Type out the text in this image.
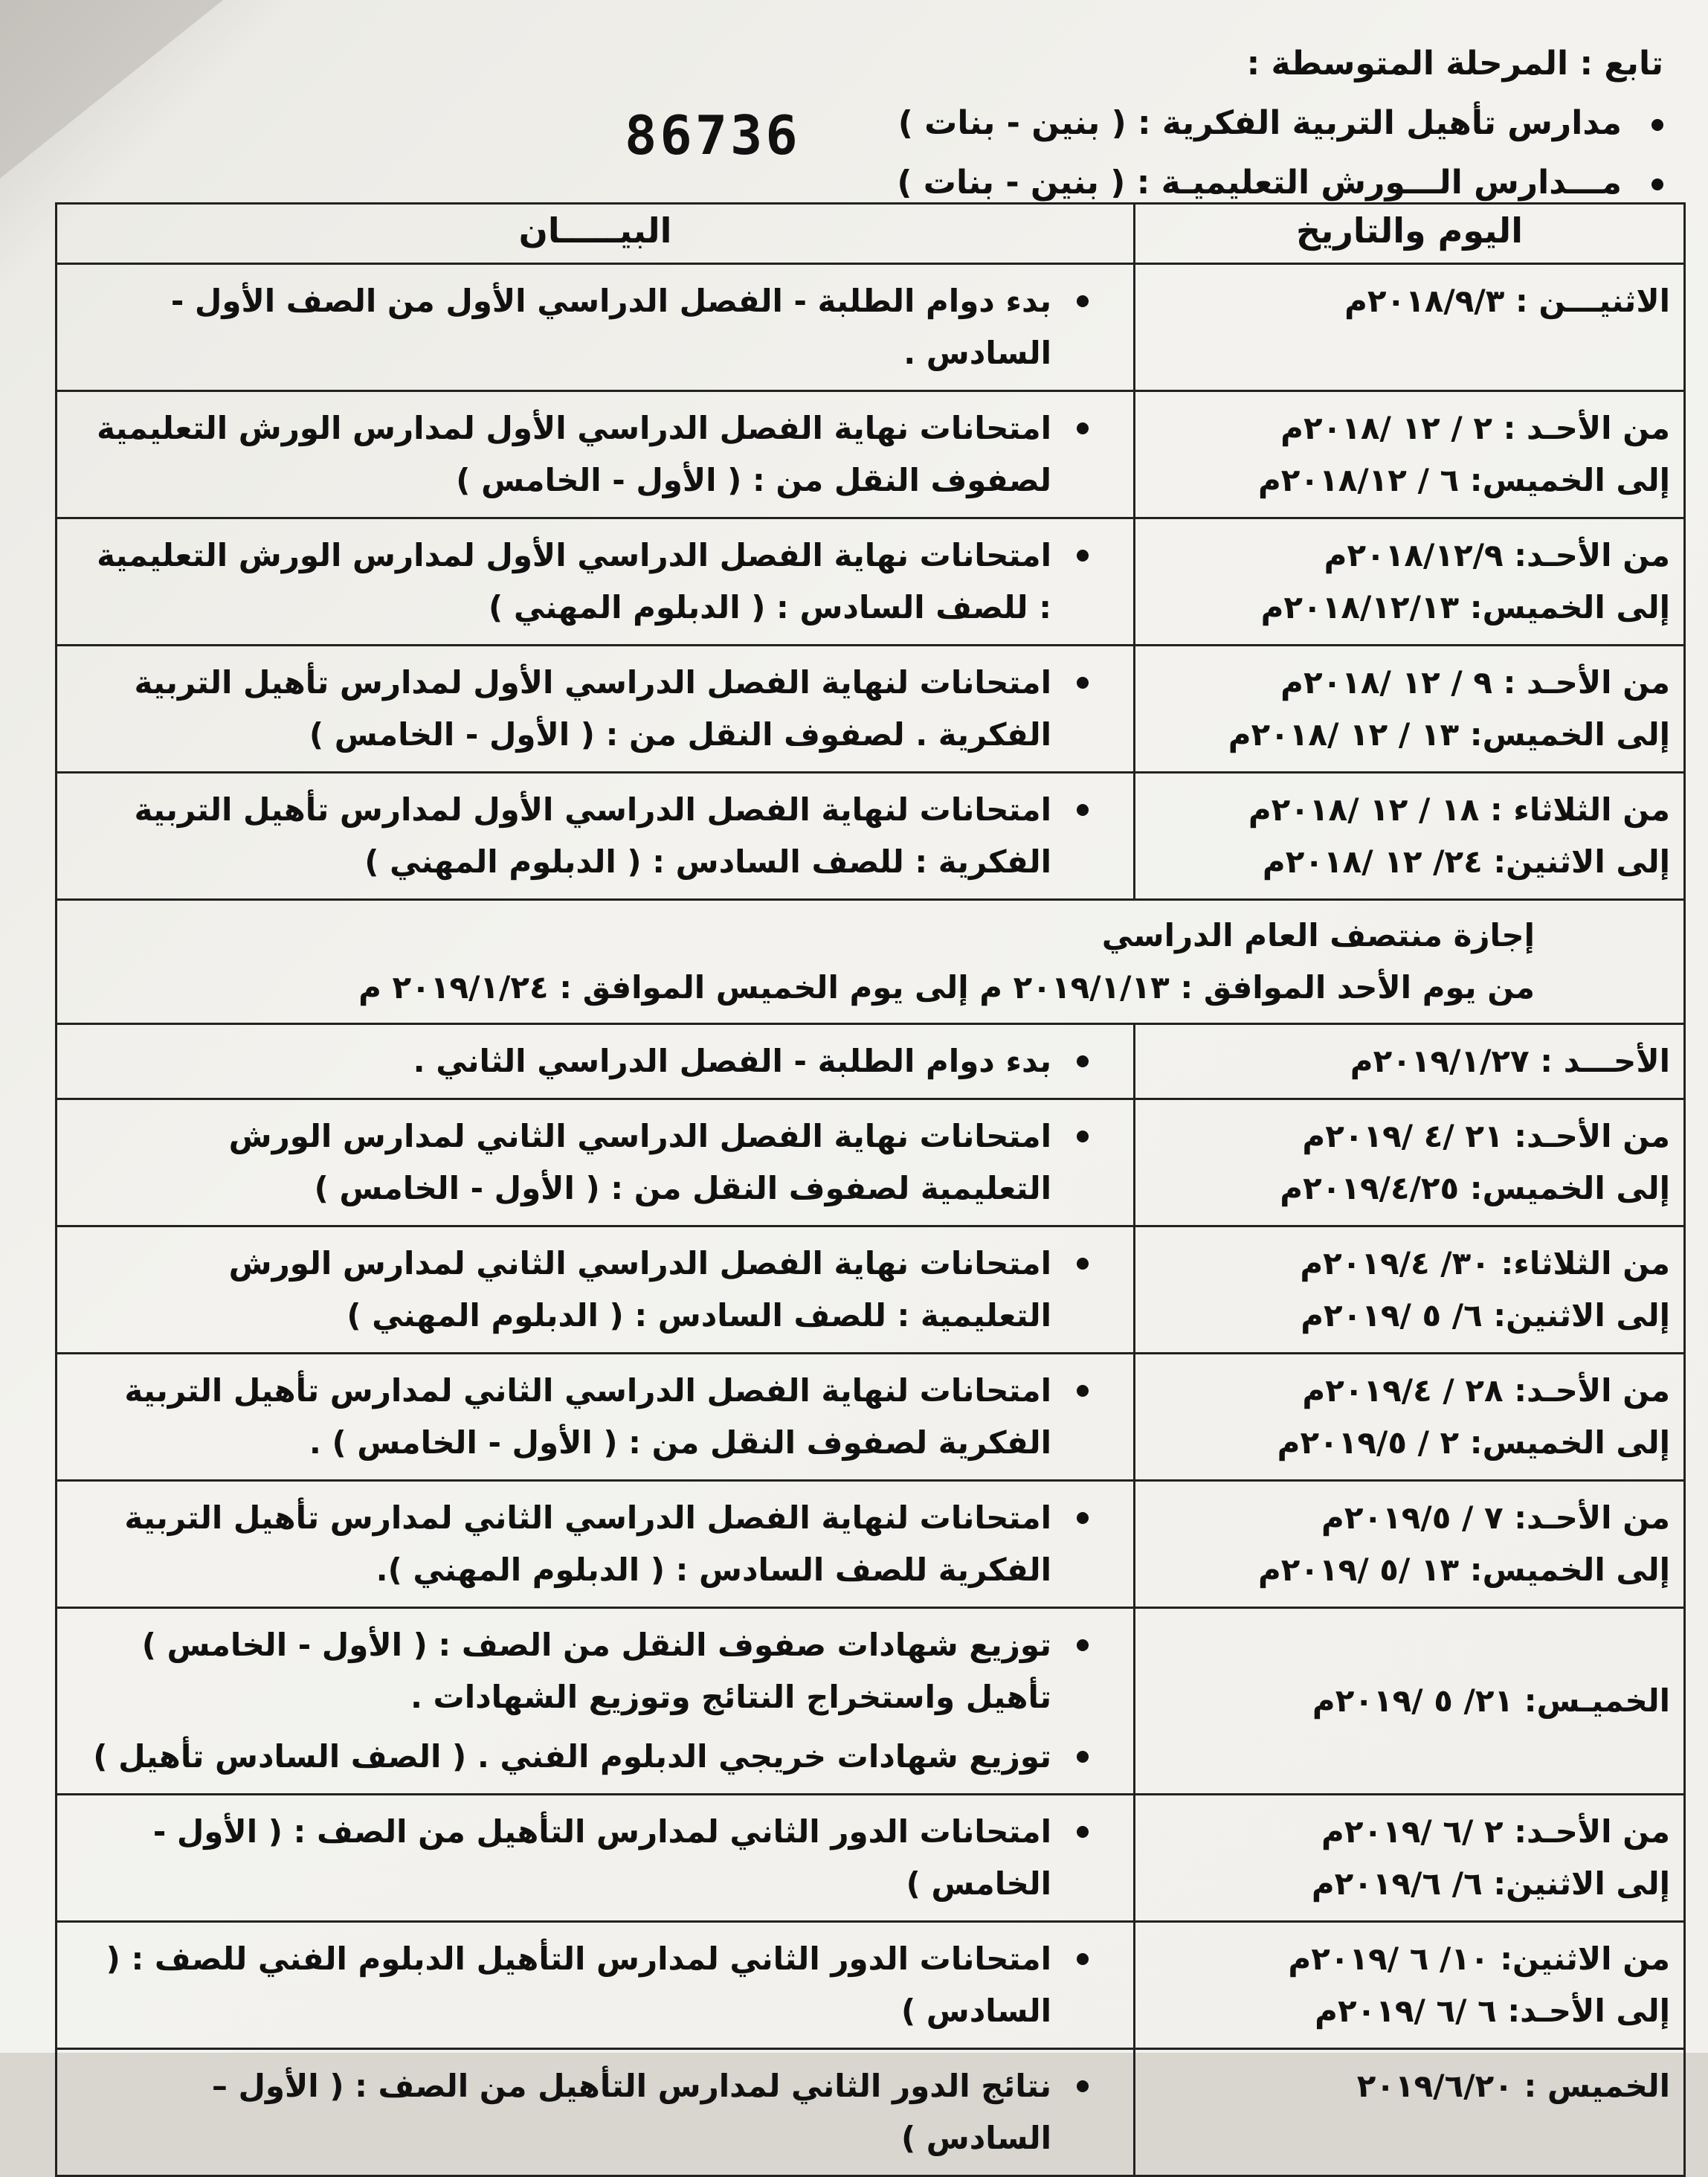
تابع : المرحلة المتوسطة :
مدارس تأهيل التربية الفكرية : ( بنين - بنات )
مـــدارس الـــورش التعليميـة : ( بنين - بنات )
86736
اليوم والتاريخ	البيـــــان

الاثنيـــن : ٢٠١٨/٩/٣م	بدء دوام الطلبة - الفصل الدراسي الأول من الصف الأول - السادس .

من الأحـد : ٢ / ١٢ /٢٠١٨م
إلى الخميس: ٦ / ٢٠١٨/١٢م	امتحانات نهاية الفصل الدراسي الأول لمدارس الورش التعليمية لصفوف النقل من : ( الأول - الخامس )

من الأحـد: ٢٠١٨/١٢/٩م
إلى الخميس: ٢٠١٨/١٢/١٣م	امتحانات نهاية الفصل الدراسي الأول لمدارس الورش التعليمية : للصف السادس : ( الدبلوم المهني )

من الأحـد : ٩ / ١٢ /٢٠١٨م
إلى الخميس: ١٣ / ١٢ /٢٠١٨م	امتحانات لنهاية الفصل الدراسي الأول لمدارس تأهيل التربية الفكرية . لصفوف النقل من : ( الأول - الخامس )

من الثلاثاء : ١٨ / ١٢ /٢٠١٨م
إلى الاثنين: ٢٤/ ١٢ /٢٠١٨م	امتحانات لنهاية الفصل الدراسي الأول لمدارس تأهيل التربية الفكرية : للصف السادس : ( الدبلوم المهني )

إجازة منتصف العام الدراسي
من يوم الأحد الموافق : ٢٠١٩/١/١٣ م إلى يوم الخميس الموافق : ٢٠١٩/١/٢٤ م	

الأحـــد : ٢٠١٩/١/٢٧م	بدء دوام الطلبة - الفصل الدراسي الثاني .

من الأحـد: ٢١ /٤ /٢٠١٩م
إلى الخميس: ٢٠١٩/٤/٢٥م	امتحانات نهاية الفصل الدراسي الثاني لمدارس الورش التعليمية لصفوف النقل من : ( الأول - الخامس )

من الثلاثاء: ٣٠/ ٢٠١٩/٤م
إلى الاثنين: ٦/ ٥ /٢٠١٩م	امتحانات نهاية الفصل الدراسي الثاني لمدارس الورش التعليمية : للصف السادس : ( الدبلوم المهني )

من الأحـد: ٢٨ / ٢٠١٩/٤م
إلى الخميس: ٢ / ٢٠١٩/٥م	امتحانات لنهاية الفصل الدراسي الثاني لمدارس تأهيل التربية الفكرية لصفوف النقل من : ( الأول - الخامس ) .

من الأحـد: ٧ / ٢٠١٩/٥م
إلى الخميس: ١٣ /٥ /٢٠١٩م	امتحانات لنهاية الفصل الدراسي الثاني لمدارس تأهيل التربية الفكرية للصف السادس : ( الدبلوم المهني ).

الخميـس: ٢١/ ٥ /٢٠١٩م	توزيع شهادات صفوف النقل من الصف : ( الأول - الخامس ) تأهيل واستخراج النتائج وتوزيع الشهادات .
توزيع شهادات خريجي الدبلوم الفني . ( الصف السادس تأهيل )

من الأحـد: ٢ /٦ /٢٠١٩م
إلى الاثنين: ٦/ ٢٠١٩/٦م	امتحانات الدور الثاني لمدارس التأهيل من الصف : ( الأول - الخامس )

من الاثنين: ١٠/ ٦ /٢٠١٩م
إلى الأحـد: ٦ /٦ /٢٠١٩م	امتحانات الدور الثاني لمدارس التأهيل الدبلوم الفني للصف : ( السادس )

الخميس : ٢٠١٩/٦/٢٠	نتائج الدور الثاني لمدارس التأهيل من الصف : ( الأول – السادس )
